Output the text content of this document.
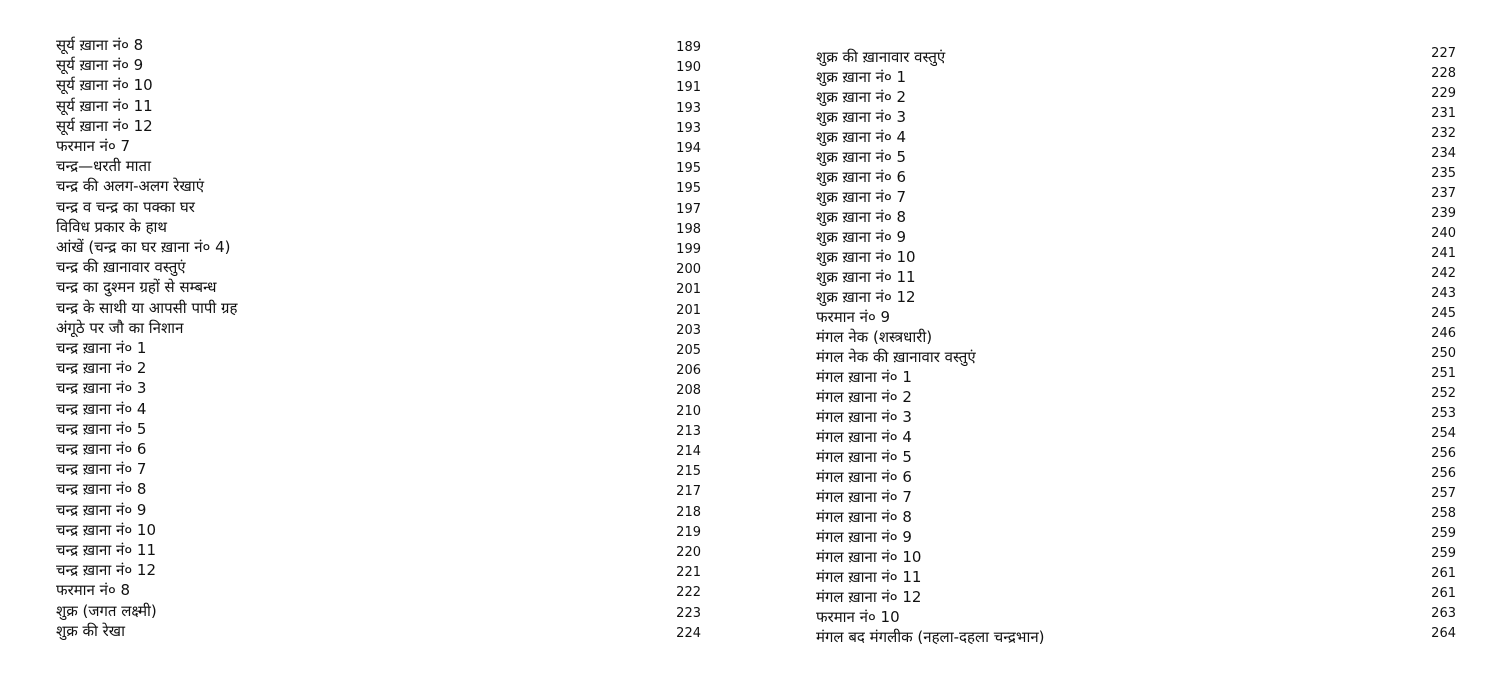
सूर्य ख़ाना नं० 8	189
सूर्य ख़ाना नं० 9	190
सूर्य ख़ाना नं० 10	191
सूर्य ख़ाना नं० 11	193
सूर्य ख़ाना नं० 12	193
फरमान नं० 7	194
चन्द्र—धरती माता	195
चन्द्र की अलग-अलग रेखाएं	195
चन्द्र व चन्द्र का पक्का घर	197
विविध प्रकार के हाथ	198
आंखें (चन्द्र का घर ख़ाना नं० 4)	199
चन्द्र की ख़ानावार वस्तुएं	200
चन्द्र का दुश्मन ग्रहों से सम्बन्ध	201
चन्द्र के साथी या आपसी पापी ग्रह	201
अंगूठे पर जौ का निशान	203
चन्द्र ख़ाना नं० 1	205
चन्द्र ख़ाना नं० 2	206
चन्द्र ख़ाना नं० 3	208
चन्द्र ख़ाना नं० 4	210
चन्द्र ख़ाना नं० 5	213
चन्द्र ख़ाना नं० 6	214
चन्द्र ख़ाना नं० 7	215
चन्द्र ख़ाना नं० 8	217
चन्द्र ख़ाना नं० 9	218
चन्द्र ख़ाना नं० 10	219
चन्द्र ख़ाना नं० 11	220
चन्द्र ख़ाना नं० 12	221
फरमान नं० 8	222
शुक्र (जगत लक्ष्मी)	223
शुक्र की रेखा	224
शुक्र की ख़ानावार वस्तुएं	227
शुक्र ख़ाना नं० 1	228
शुक्र ख़ाना नं० 2	229
शुक्र ख़ाना नं० 3	231
शुक्र ख़ाना नं० 4	232
शुक्र ख़ाना नं० 5	234
शुक्र ख़ाना नं० 6	235
शुक्र ख़ाना नं० 7	237
शुक्र ख़ाना नं० 8	239
शुक्र ख़ाना नं० 9	240
शुक्र ख़ाना नं० 10	241
शुक्र ख़ाना नं० 11	242
शुक्र ख़ाना नं० 12	243
फरमान नं० 9	245
मंगल नेक (शस्त्रधारी)	246
मंगल नेक की ख़ानावार वस्तुएं	250
मंगल ख़ाना नं० 1	251
मंगल ख़ाना नं० 2	252
मंगल ख़ाना नं० 3	253
मंगल ख़ाना नं० 4	254
मंगल ख़ाना नं० 5	256
मंगल ख़ाना नं० 6	256
मंगल ख़ाना नं० 7	257
मंगल ख़ाना नं० 8	258
मंगल ख़ाना नं० 9	259
मंगल ख़ाना नं० 10	259
मंगल ख़ाना नं० 11	261
मंगल ख़ाना नं० 12	261
फरमान नं० 10	263
मंगल बद मंगलीक (नहला-दहला चन्द्रभान)	264
